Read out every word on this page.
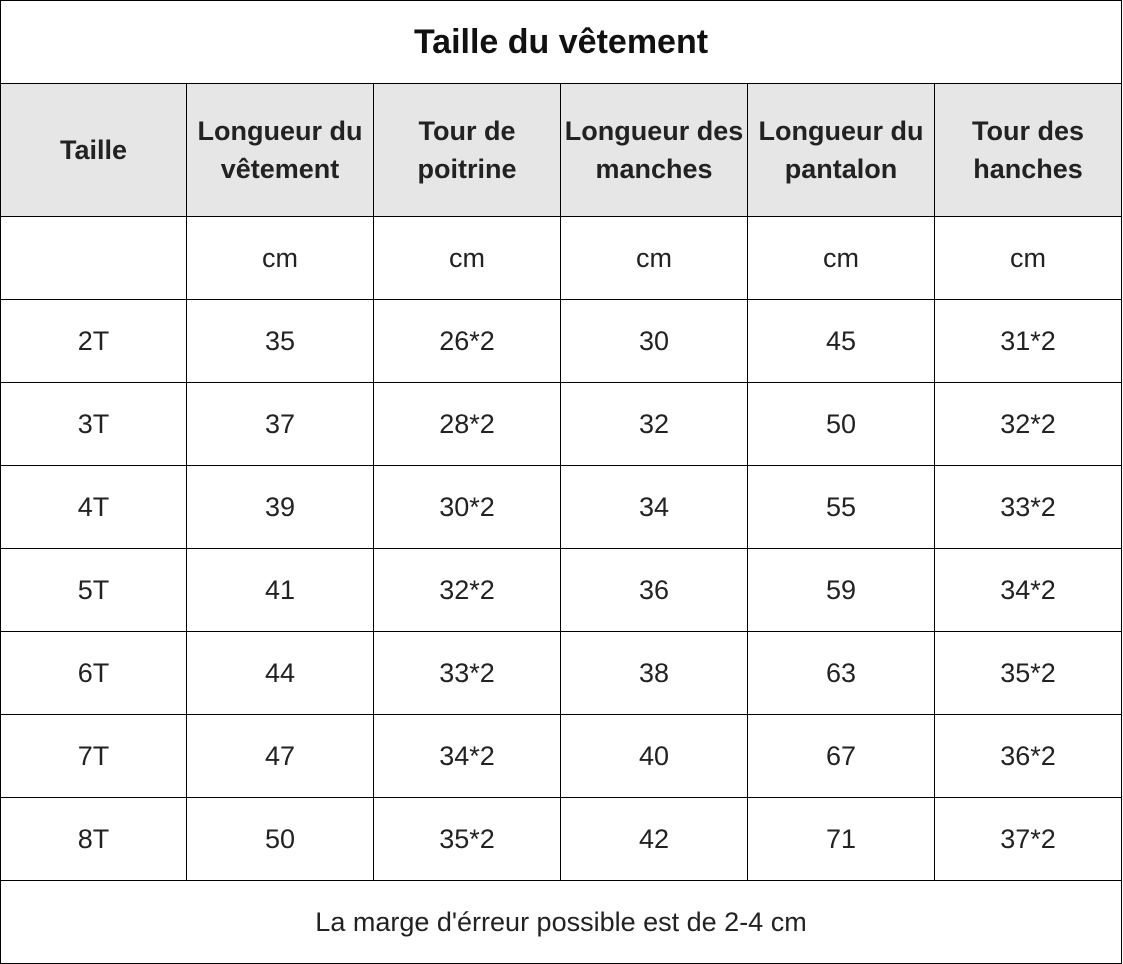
Taille du vêtement					
Taille	Longueur du vêtement	Tour de poitrine	Longueur des manches	Longueur du pantalon	Tour des hanches
	cm	cm	cm	cm	cm
2T	35	26*2	30	45	31*2
3T	37	28*2	32	50	32*2
4T	39	30*2	34	55	33*2
5T	41	32*2	36	59	34*2
6T	44	33*2	38	63	35*2
7T	47	34*2	40	67	36*2
8T	50	35*2	42	71	37*2
La marge d'érreur possible est de 2-4 cm					
